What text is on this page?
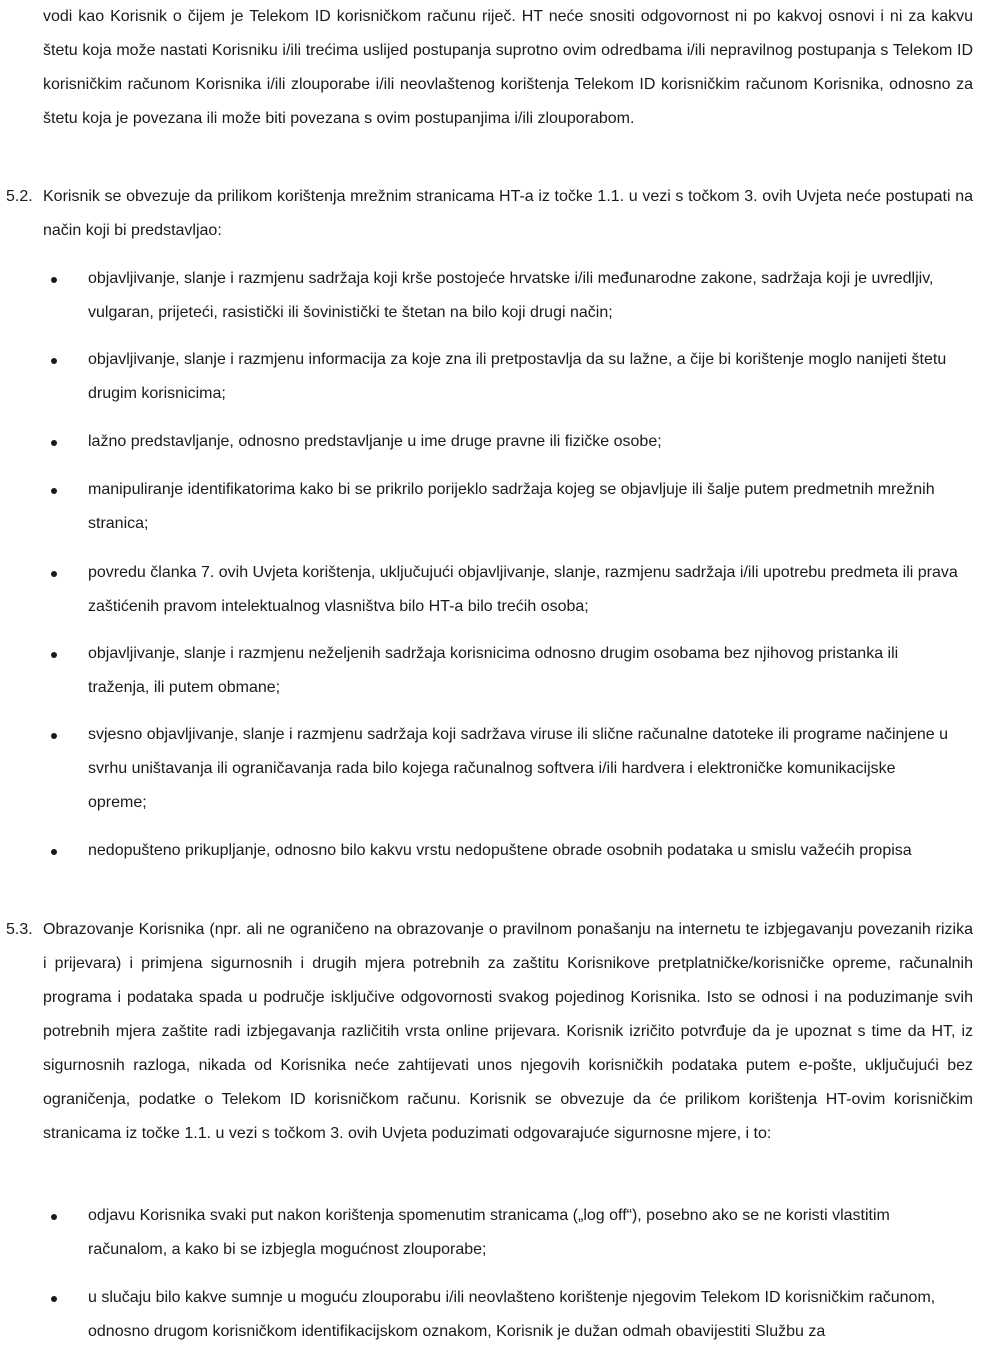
vodi kao Korisnik o čijem je Telekom ID korisničkom računu riječ. HT neće snositi odgovornost ni po kakvoj osnovi i ni za kakvu štetu koja može nastati Korisniku i/ili trećima uslijed postupanja suprotno ovim odredbama i/ili nepravilnog postupanja s Telekom ID korisničkim računom Korisnika i/ili zlouporabe i/ili neovlaštenog korištenja Telekom ID korisničkim računom Korisnika, odnosno za štetu koja je povezana ili može biti povezana s ovim postupanjima i/ili zlouporabom.

5.2. Korisnik se obvezuje da prilikom korištenja mrežnim stranicama HT-a iz točke 1.1. u vezi s točkom 3. ovih Uvjeta neće postupati na način koji bi predstavljao:

objavljivanje, slanje i razmjenu sadržaja koji krše postojeće hrvatske i/ili međunarodne zakone, sadržaja koji je uvredljiv, vulgaran, prijeteći, rasistički ili šovinistički te štetan na bilo koji drugi način;

objavljivanje, slanje i razmjenu informacija za koje zna ili pretpostavlja da su lažne, a čije bi korištenje moglo nanijeti štetu drugim korisnicima;

lažno predstavljanje, odnosno predstavljanje u ime druge pravne ili fizičke osobe;

manipuliranje identifikatorima kako bi se prikrilo porijeklo sadržaja kojeg se objavljuje ili šalje putem predmetnih mrežnih stranica;

povredu članka 7. ovih Uvjeta korištenja, uključujući objavljivanje, slanje, razmjenu sadržaja i/ili upotrebu predmeta ili prava zaštićenih pravom intelektualnog vlasništva bilo HT-a bilo trećih osoba;

objavljivanje, slanje i razmjenu neželjenih sadržaja korisnicima odnosno drugim osobama bez njihovog pristanka ili traženja, ili putem obmane;

svjesno objavljivanje, slanje i razmjenu sadržaja koji sadržava viruse ili slične računalne datoteke ili programe načinjene u svrhu uništavanja ili ograničavanja rada bilo kojega računalnog softvera i/ili hardvera i elektroničke komunikacijske opreme;

nedopušteno prikupljanje, odnosno bilo kakvu vrstu nedopuštene obrade osobnih podataka u smislu važećih propisa

5.3. Obrazovanje Korisnika (npr. ali ne ograničeno na obrazovanje o pravilnom ponašanju na internetu te izbjegavanju povezanih rizika i prijevara) i primjena sigurnosnih i drugih mjera potrebnih za zaštitu Korisnikove pretplatničke/korisničke opreme, računalnih programa i podataka spada u područje isključive odgovornosti svakog pojedinog Korisnika. Isto se odnosi i na poduzimanje svih potrebnih mjera zaštite radi izbjegavanja različitih vrsta online prijevara. Korisnik izričito potvrđuje da je upoznat s time da HT, iz sigurnosnih razloga, nikada od Korisnika neće zahtijevati unos njegovih korisničkih podataka putem e-pošte, uključujući bez ograničenja, podatke o Telekom ID korisničkom računu. Korisnik se obvezuje da će prilikom korištenja HT-ovim korisničkim stranicama iz točke 1.1. u vezi s točkom 3. ovih Uvjeta poduzimati odgovarajuće sigurnosne mjere, i to:

odjavu Korisnika svaki put nakon korištenja spomenutim stranicama („log off“), posebno ako se ne koristi vlastitim računalom, a kako bi se izbjegla mogućnost zlouporabe;

u slučaju bilo kakve sumnje u moguću zlouporabu i/ili neovlašteno korištenje njegovim Telekom ID korisničkim računom, odnosno drugom korisničkom identifikacijskom oznakom, Korisnik je dužan odmah obavijestiti Službu za
